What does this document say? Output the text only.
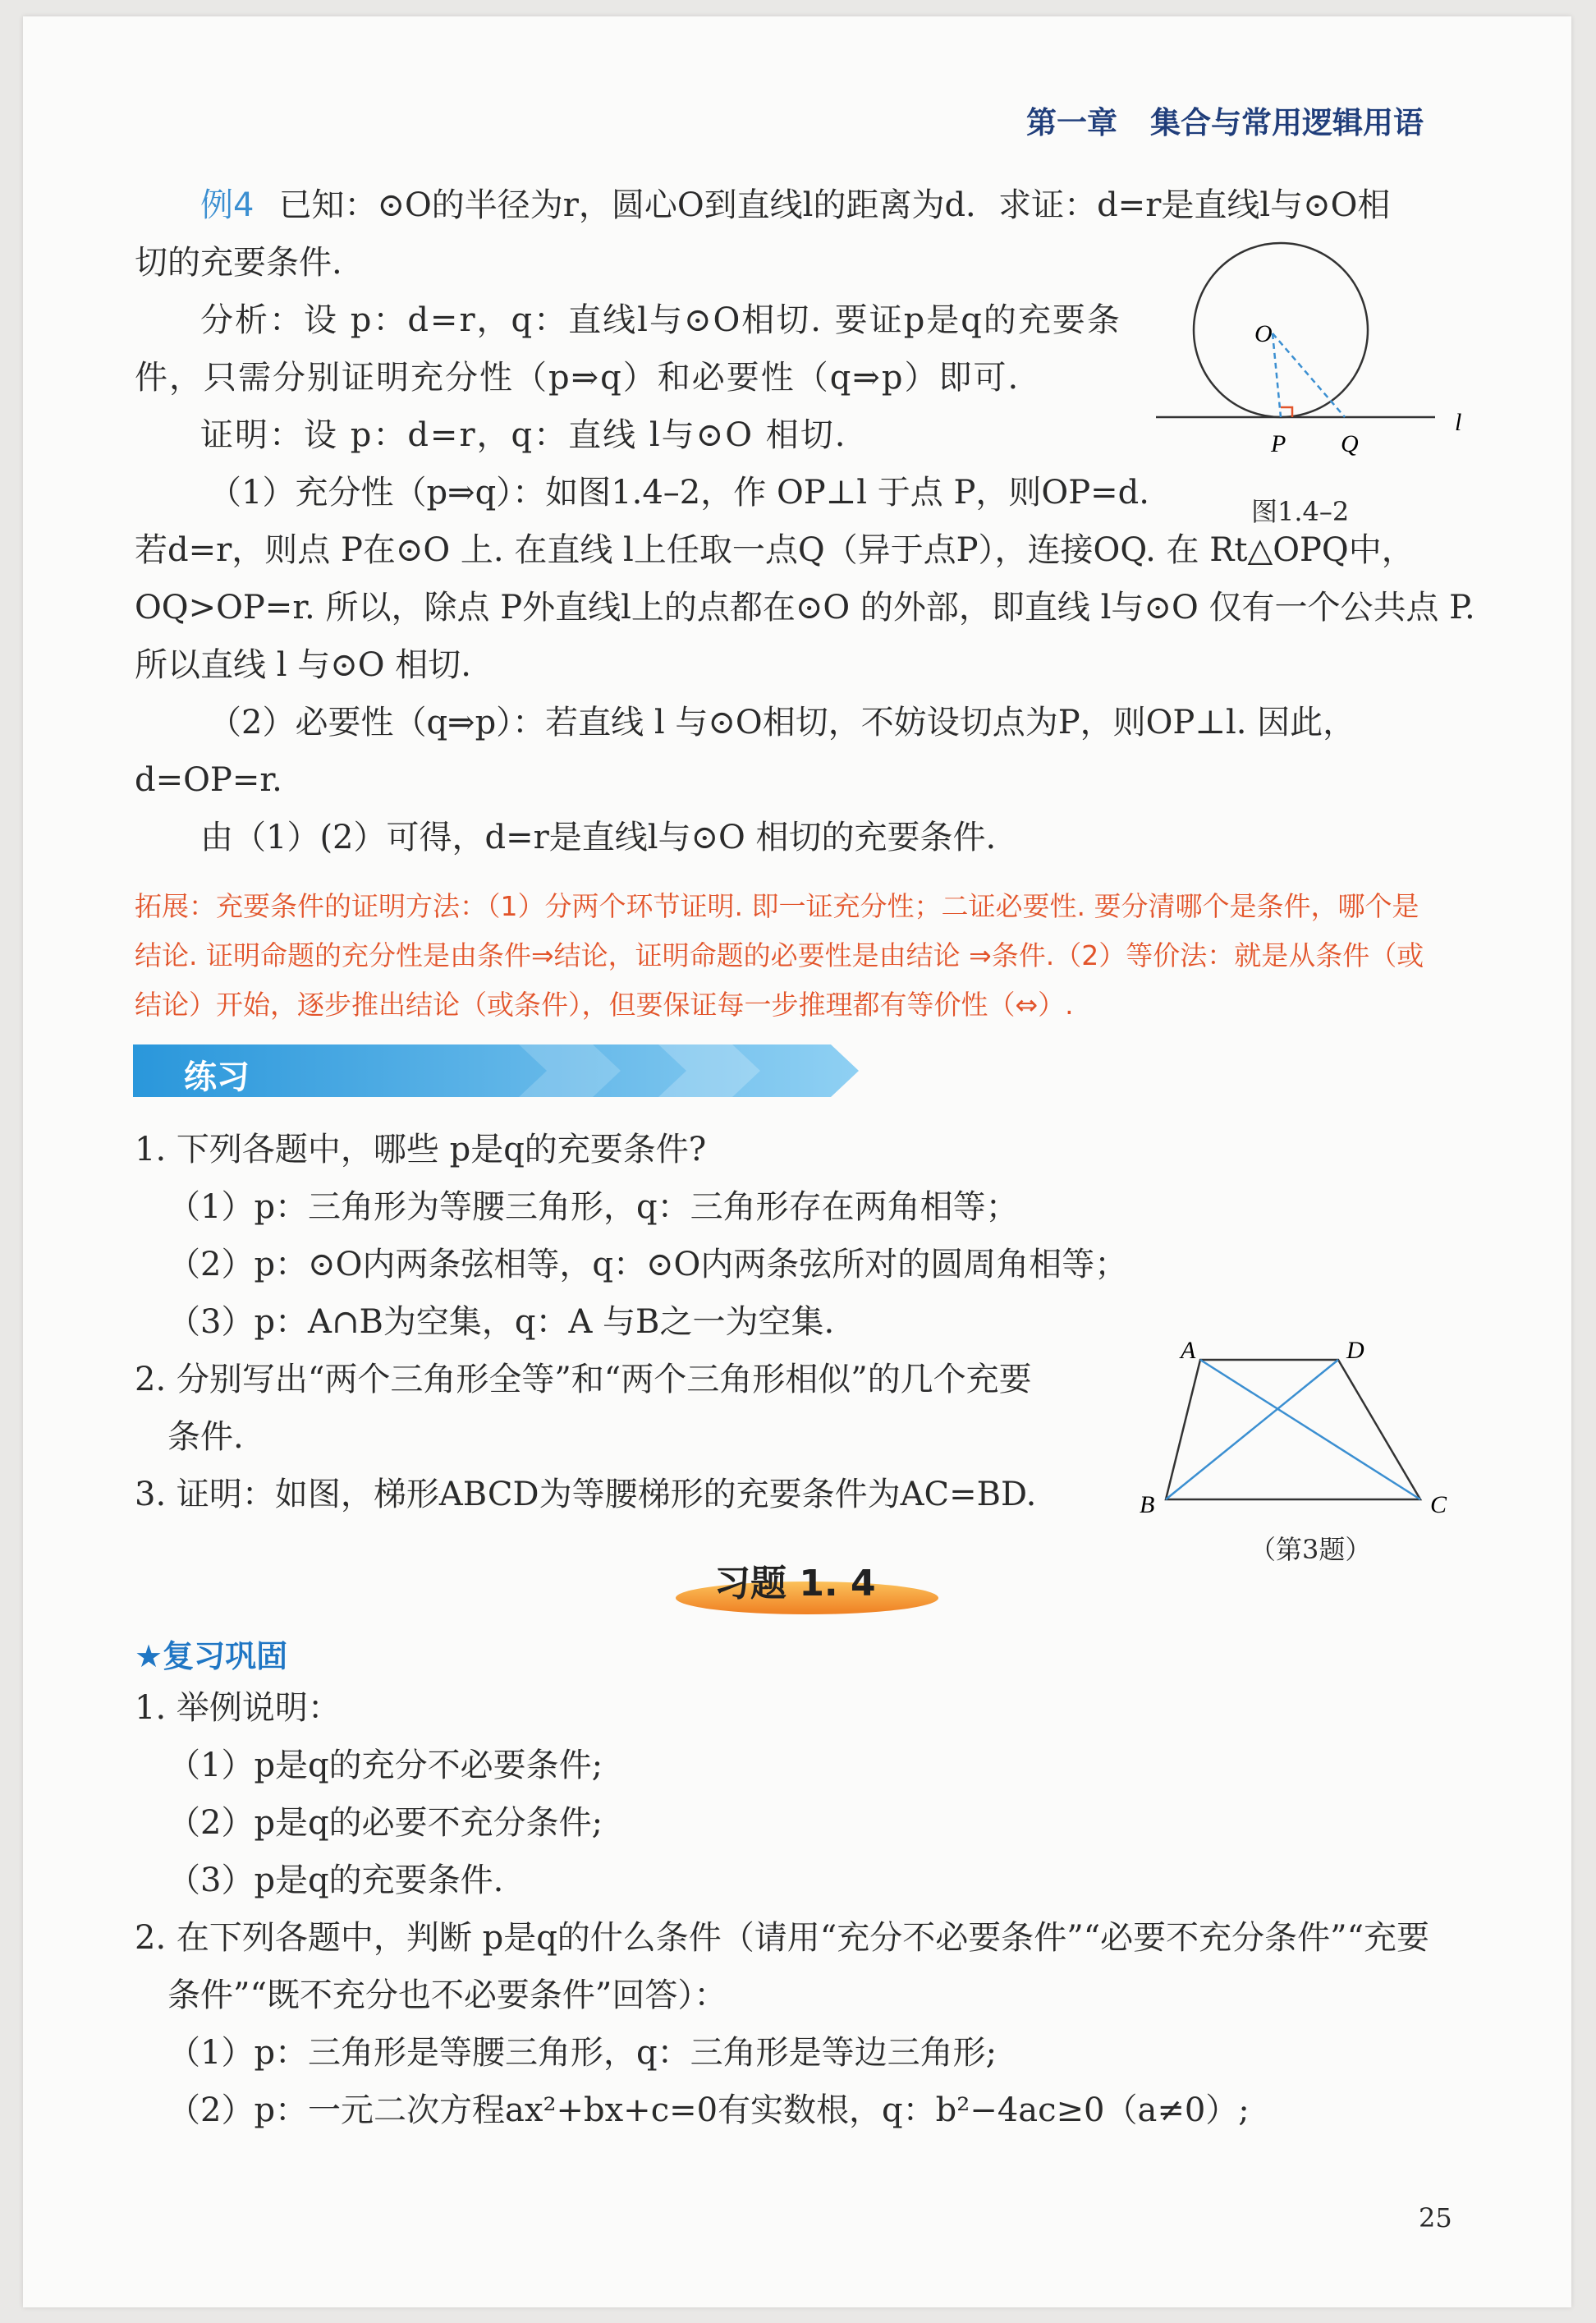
第一章 集合与常用逻辑用语
例4 已知：⊙O的半径为r，圆心O到直线l的距离为d．求证：d=r是直线l与⊙O相
切的充要条件.
分析：设 p：d=r，q：直线l与⊙O相切. 要证p是q的充要条
件，只需分别证明充分性（p⇒q）和必要性（q⇒p）即可.
证明：设 p：d=r，q：直线 l与⊙O 相切.
（1）充分性（p⇒q）：如图1.4–2，作 OP⊥l 于点 P，则OP=d.
若d=r，则点 P在⊙O 上. 在直线 l上任取一点Q（异于点P），连接OQ. 在 Rt△OPQ中，
OQ>OP=r. 所以，除点 P外直线l上的点都在⊙O 的外部，即直线 l与⊙O 仅有一个公共点 P.
所以直线 l 与⊙O 相切.
（2）必要性（q⇒p）：若直线 l 与⊙O相切，不妨设切点为P，则OP⊥l. 因此，
d=OP=r.
由（1）(2）可得，d=r是直线l与⊙O 相切的充要条件.
O
P Q
l
图1.4–2
拓展：充要条件的证明方法：（1）分两个环节证明. 即一证充分性；二证必要性. 要分清哪个是条件，哪个是
结论. 证明命题的充分性是由条件⇒结论，证明命题的必要性是由结论 ⇒条件.（2）等价法：就是从条件（或
结论）开始，逐步推出结论（或条件），但要保证每一步推理都有等价性（⇔）.
练习
1. 下列各题中，哪些 p是q的充要条件?
（1）p：三角形为等腰三角形，q：三角形存在两角相等；
（2）p：⊙O内两条弦相等，q：⊙O内两条弦所对的圆周角相等；
（3）p：A∩B为空集，q：A 与B之一为空集.
2. 分别写出“两个三角形全等”和“两个三角形相似”的几个充要
条件.
3. 证明：如图，梯形ABCD为等腰梯形的充要条件为AC=BD.
A	D
B	C
（第3题）
习题 1. 4
★复习巩固
1. 举例说明：
（1）p是q的充分不必要条件;
（2）p是q的必要不充分条件;
（3）p是q的充要条件.
2. 在下列各题中，判断 p是q的什么条件（请用“充分不必要条件”“必要不充分条件”“充要
条件”“既不充分也不必要条件”回答）：
（1）p：三角形是等腰三角形，q：三角形是等边三角形;
（2）p：一元二次方程ax²+bx+c=0有实数根，q：b²−4ac≥0（a≠0）;
25
